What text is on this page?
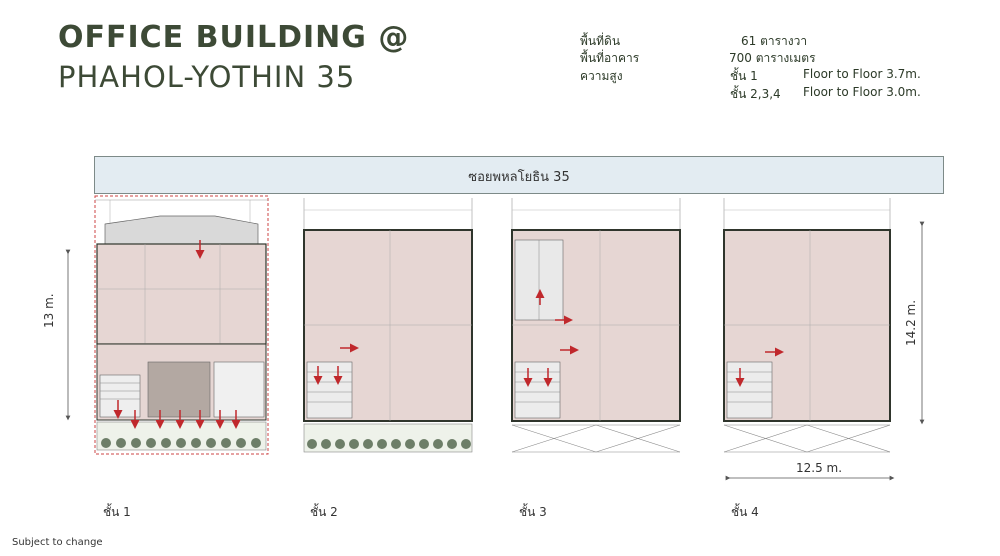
OFFICE BUILDING @
PHAHOL-YOTHIN 35
พื้นที่ดิน	61 ตารางวา
พื้นที่อาคาร	700 ตารางเมตร
ความสูง	ชั้น 1	Floor to Floor 3.7m.
ชั้น 2,3,4 Floor to Floor 3.0m.
ซอยพหลโยธิน 35
13 m.	14.2 m.
12.5 m.
ชั้น 1	ชั้น 2	ชั้น 3	ชั้น 4
Subject to change
